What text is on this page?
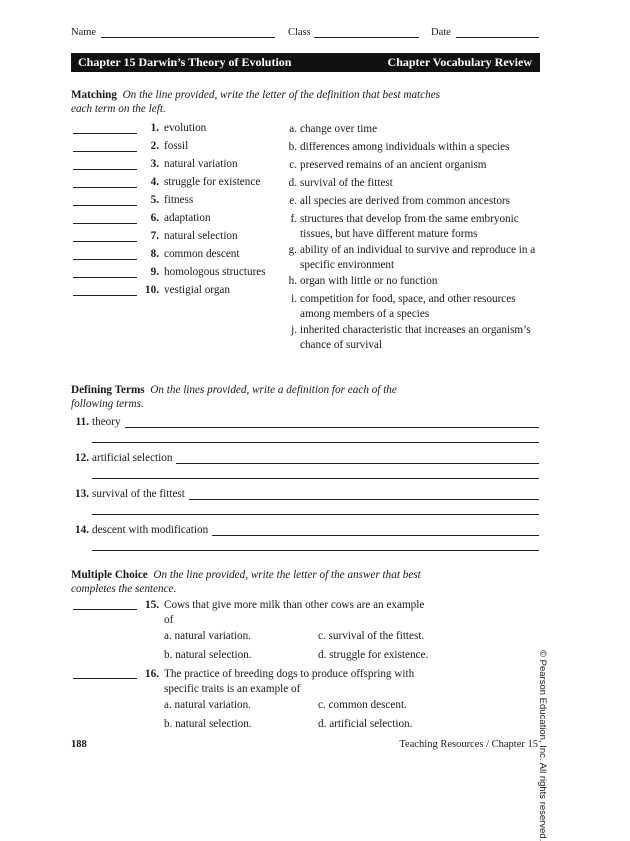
Name	Class	Date
Chapter 15 Darwin’s Theory of Evolution	Chapter Vocabulary Review
Matching On the line provided, write the letter of the definition that best matches each term on the left.
1. evolution
2. fossil
3. natural variation
4. struggle for existence
5. fitness
6. adaptation
7. natural selection
8. common descent
9. homologous structures
10. vestigial organ
a. change over time
b. differences among individuals within a species
c. preserved remains of an ancient organism
d. survival of the fittest
e. all species are derived from common ancestors
f. structures that develop from the same embryonic tissues, but have different mature forms
g. ability of an individual to survive and reproduce in a specific environment
h. organ with little or no function
i. competition for food, space, and other resources among members of a species
j. inherited characteristic that increases an organism’s chance of survival
Defining Terms On the lines provided, write a definition for each of the following terms.
11. theory
12. artificial selection
13. survival of the fittest
14. descent with modification
Multiple Choice On the line provided, write the letter of the answer that best completes the sentence.
15. Cows that give more milk than other cows are an example of
a. natural variation.	c. survival of the fittest.
b. natural selection.	d. struggle for existence.
16. The practice of breeding dogs to produce offspring with specific traits is an example of
a. natural variation.	c. common descent.
b. natural selection.	d. artificial selection.
188	Teaching Resources / Chapter 15 © Pearson Education, Inc. All rights reserved.
